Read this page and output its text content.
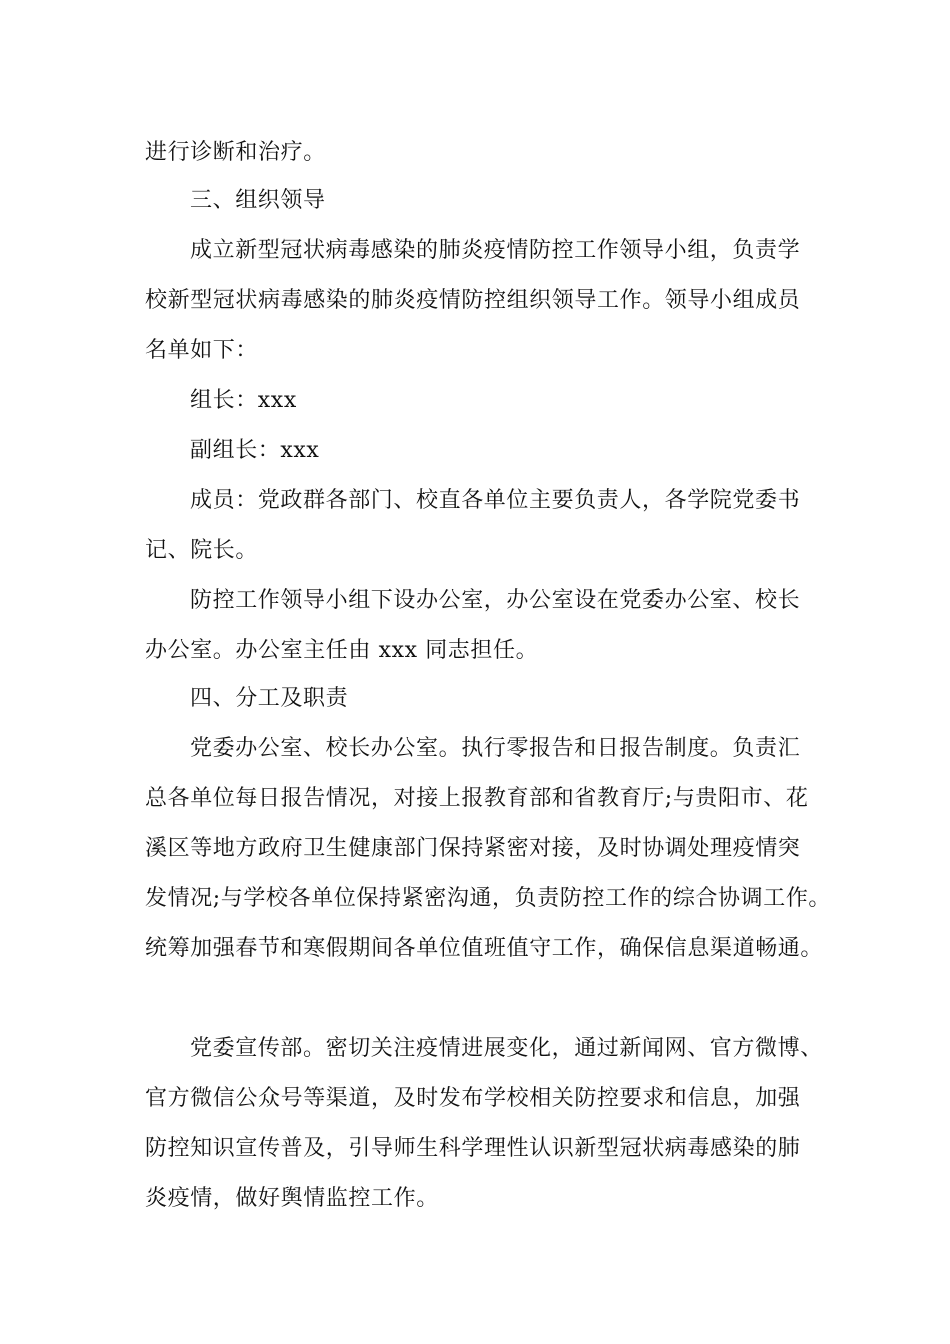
进行诊断和治疗。
三、组织领导
成立新型冠状病毒感染的肺炎疫情防控工作领导小组，负责学
校新型冠状病毒感染的肺炎疫情防控组织领导工作。领导小组成员
名单如下：
组长：xxx
副组长：xxx
成员：党政群各部门、校直各单位主要负责人，各学院党委书
记、院长。
防控工作领导小组下设办公室，办公室设在党委办公室、校长
办公室。办公室主任由 xxx 同志担任。
四、分工及职责
党委办公室、校长办公室。执行零报告和日报告制度。负责汇
总各单位每日报告情况，对接上报教育部和省教育厅;与贵阳市、花
溪区等地方政府卫生健康部门保持紧密对接，及时协调处理疫情突
发情况;与学校各单位保持紧密沟通，负责防控工作的综合协调工作。
统筹加强春节和寒假期间各单位值班值守工作，确保信息渠道畅通。
党委宣传部。密切关注疫情进展变化，通过新闻网、官方微博、
官方微信公众号等渠道，及时发布学校相关防控要求和信息，加强
防控知识宣传普及，引导师生科学理性认识新型冠状病毒感染的肺
炎疫情，做好舆情监控工作。
